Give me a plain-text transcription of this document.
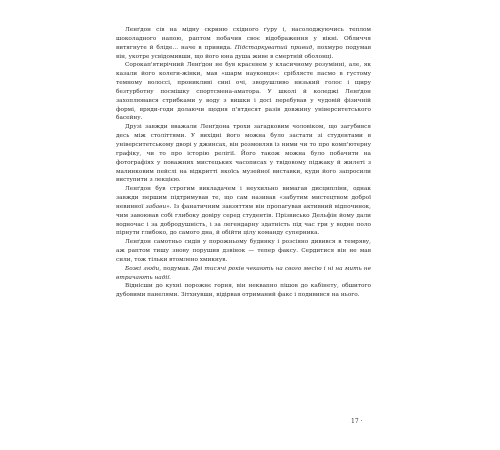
Ленґдон сів на мідну скриню східного ґуру і, насолоджуючись теплом шоколадного напою, раптом побачив своє відображення у вікні. Обличчя витягнуте й бліде… наче в привида. Підстаркуватий привид, похмуро подумав він, укотре усвідомивши, що його юна душа живе в смертній оболонці.

Сорокап'ятирічний Ленґдон не був красенем у класичному розумінні, але, як казали його колеги-жінки, мав «шарм науковця»: сріблясте пасмо в густому темному волоссі, проникливі сині очі, зворушливо низький голос і щиру безтурботну посмішку спортсмена-аматора. У школі й коледжі Ленґдон захоплювався стрибками у воду з вишки і досі перебував у чудовій фізичній формі, вряди-годи долаючи щодня п'ятдесят разів довжину університетського басейну.

Друзі завжди вважали Ленґдона трохи загадковим чоловіком, що загубився десь між століттями. У вихідні його можна було застати зі студентами в університетському дворі у джинсах, він розмовляв із ними чи то про комп'ютерну графіку, чи то про історію релігії. Його також можна було побачити на фотографіях у поважних мистецьких часописах у твідовому піджаку й жилеті з малинковим пейслі на відкритті якоїсь музейної виставки, куди його запросили виступити з лекцією.

Ленґдон був строгим викладачем і неухильно вимагав дисципліни, однак завжди першим підтримував те, що сам називав «забутим мистецтвом доброї невинної забави». Із фанатичним завзяттям він пропагував активний відпочинок, чим завоював собі глибоку довіру серед студентів. Прізвисько Дельфін йому дали водночас і за добродушність, і за легендарну здатність під час гри у водне поло пірнути глибоко, до самого дна, й обійти цілу команду суперника.

Ленґдон самотньо сидів у порожньому будинку і розсіяно дивився в темряву, аж раптом тишу знову порушив дзвінок — тепер факсу. Сердитися він не мав сили, тож тільки втомлено хмикнув.

Божі люди, подумав. Дві тисячі років чекають на свого месію і ні на мить не втрачають надії.

Віднісши до кухні порожнє горня, він неквапно пішов до кабінету, обшитого дубовими панелями. Зітхнувши, відірвав отриманий факс і подивився на нього.

17 ·
